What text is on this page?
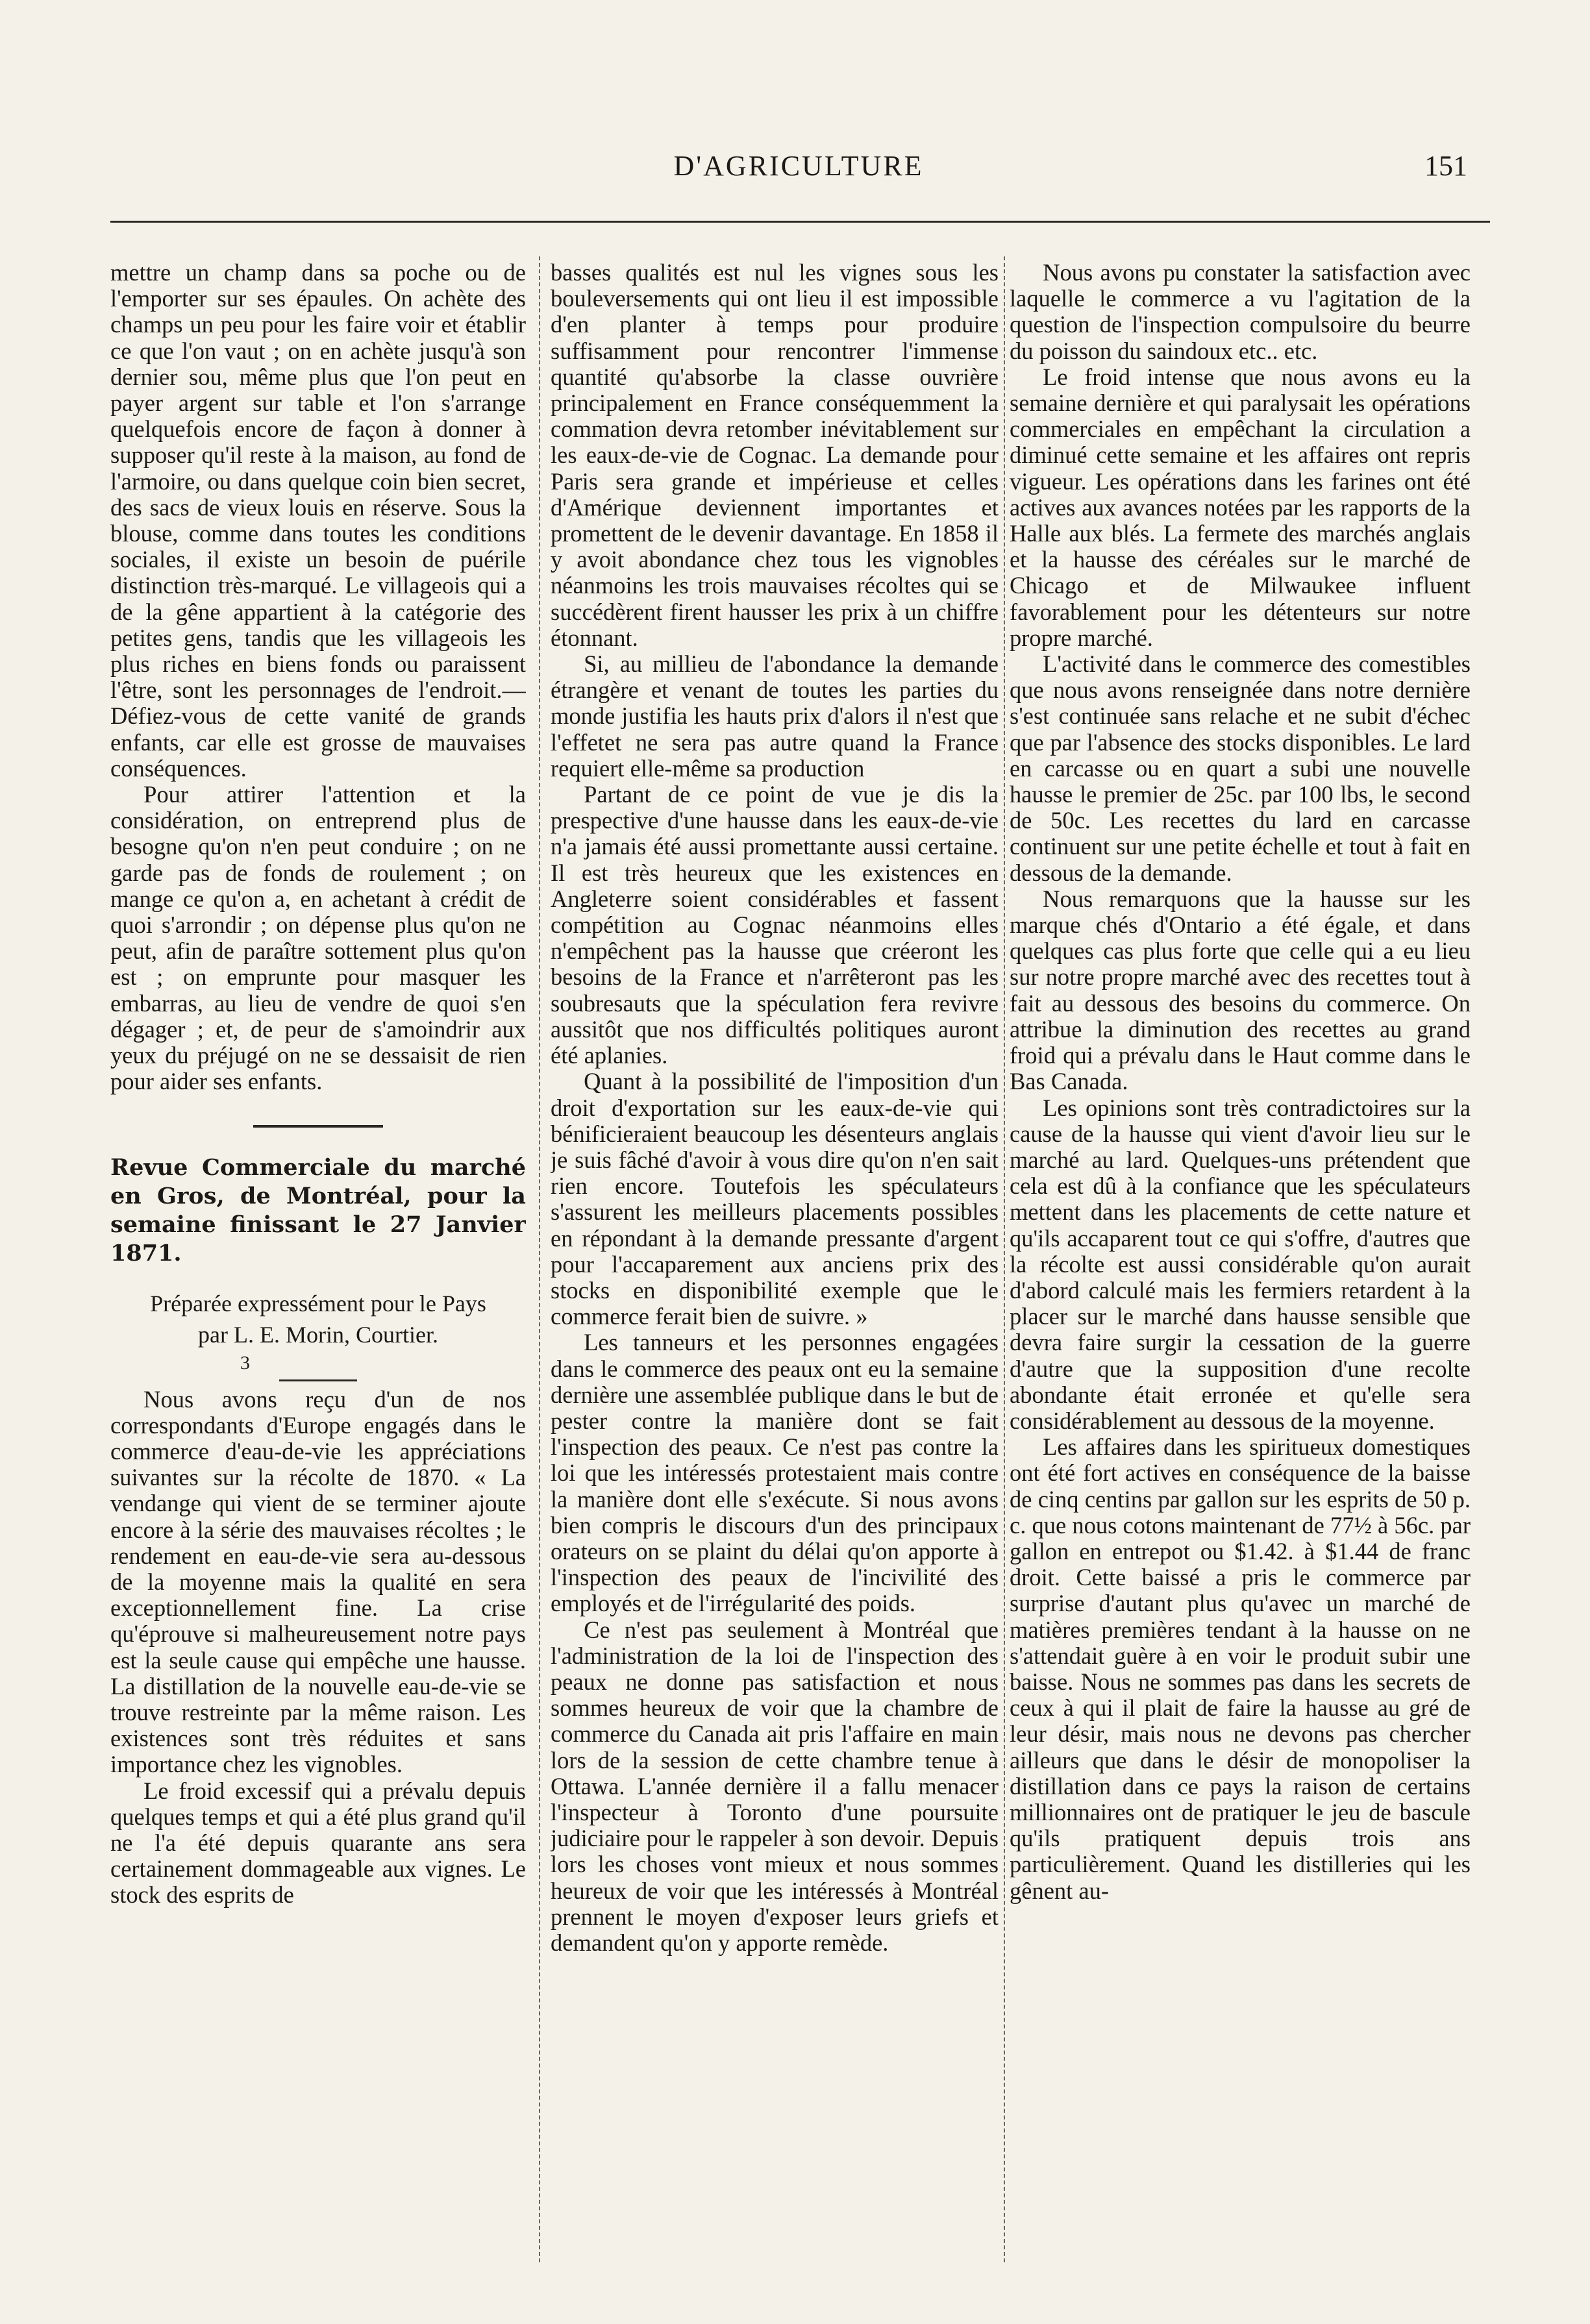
D'AGRICULTURE	151

mettre un champ dans sa poche ou de l'emporter sur ses épaules. On achète des champs un peu pour les faire voir et établir ce que l'on vaut ; on en achète jusqu'à son dernier sou, même plus que l'on peut en payer argent sur table et l'on s'arrange quelquefois encore de façon à donner à supposer qu'il reste à la maison, au fond de l'armoire, ou dans quelque coin bien secret, des sacs de vieux louis en réserve. Sous la blouse, comme dans toutes les conditions sociales, il existe un besoin de puérile distinction très-marqué. Le villageois qui a de la gêne appartient à la catégorie des petites gens, tandis que les villageois les plus riches en biens fonds ou paraissent l'être, sont les personnages de l'endroit.—Défiez-vous de cette vanité de grands enfants, car elle est grosse de mauvaises conséquences.

Pour attirer l'attention et la considération, on entreprend plus de besogne qu'on n'en peut conduire ; on ne garde pas de fonds de roulement ; on mange ce qu'on a, en achetant à crédit de quoi s'arrondir ; on dépense plus qu'on ne peut, afin de paraître sottement plus qu'on est ; on emprunte pour masquer les embarras, au lieu de vendre de quoi s'en dégager ; et, de peur de s'amoindrir aux yeux du préjugé on ne se dessaisit de rien pour aider ses enfants.

Revue Commerciale du marché en Gros, de Montréal, pour la semaine finissant le 27 Janvier 1871.
Préparée expressément pour le Pays
par L. E. Morin, Courtier.
3

Nous avons reçu d'un de nos correspondants d'Europe engagés dans le commerce d'eau-de-vie les appréciations suivantes sur la récolte de 1870. « La vendange qui vient de se terminer ajoute encore à la série des mauvaises récoltes ; le rendement en eau-de-vie sera au-dessous de la moyenne mais la qualité en sera exceptionnellement fine. La crise qu'éprouve si malheureusement notre pays est la seule cause qui empêche une hausse. La distillation de la nouvelle eau-de-vie se trouve restreinte par la même raison. Les existences sont très réduites et sans importance chez les vignobles.

Le froid excessif qui a prévalu depuis quelques temps et qui a été plus grand qu'il ne l'a été depuis quarante ans sera certainement dommageable aux vignes. Le stock des esprits de

basses qualités est nul les vignes sous les bouleversements qui ont lieu il est impossible d'en planter à temps pour produire suffisamment pour rencontrer l'immense quantité qu'absorbe la classe ouvrière principalement en France conséquemment la commation devra retomber inévitablement sur les eaux-de-vie de Cognac. La demande pour Paris sera grande et impérieuse et celles d'Amérique deviennent importantes et promettent de le devenir davantage. En 1858 il y avoit abondance chez tous les vignobles néanmoins les trois mauvaises récoltes qui se succédèrent firent hausser les prix à un chiffre étonnant.

Si, au millieu de l'abondance la demande étrangère et venant de toutes les parties du monde justifia les hauts prix d'alors il n'est que l'effetet ne sera pas autre quand la France requiert elle-même sa production

Partant de ce point de vue je dis la prespective d'une hausse dans les eaux-de-vie n'a jamais été aussi promettante aussi certaine. Il est très heureux que les existences en Angleterre soient considérables et fassent compétition au Cognac néanmoins elles n'empêchent pas la hausse que créeront les besoins de la France et n'arrêteront pas les soubresauts que la spéculation fera revivre aussitôt que nos difficultés politiques auront été aplanies.

Quant à la possibilité de l'imposition d'un droit d'exportation sur les eaux-de-vie qui bénificieraient beaucoup les désenteurs anglais je suis fâché d'avoir à vous dire qu'on n'en sait rien encore. Toutefois les spéculateurs s'assurent les meilleurs placements possibles en répondant à la demande pressante d'argent pour l'accaparement aux anciens prix des stocks en disponibilité exemple que le commerce ferait bien de suivre. »

Les tanneurs et les personnes engagées dans le commerce des peaux ont eu la semaine dernière une assemblée publique dans le but de pester contre la manière dont se fait l'inspection des peaux. Ce n'est pas contre la loi que les intéressés protestaient mais contre la manière dont elle s'exécute. Si nous avons bien compris le discours d'un des principaux orateurs on se plaint du délai qu'on apporte à l'inspection des peaux de l'incivilité des employés et de l'irrégularité des poids.

Ce n'est pas seulement à Montréal que l'administration de la loi de l'inspection des peaux ne donne pas satisfaction et nous sommes heureux de voir que la chambre de commerce du Canada ait pris l'affaire en main lors de la session de cette chambre tenue à Ottawa. L'année dernière il a fallu menacer l'inspecteur à Toronto d'une poursuite judiciaire pour le rappeler à son devoir. Depuis lors les choses vont mieux et nous sommes heureux de voir que les intéressés à Montréal prennent le moyen d'exposer leurs griefs et demandent qu'on y apporte remède.

Nous avons pu constater la satisfaction avec laquelle le commerce a vu l'agitation de la question de l'inspection compulsoire du beurre du poisson du saindoux etc.. etc.

Le froid intense que nous avons eu la semaine dernière et qui paralysait les opérations commerciales en empêchant la circulation a diminué cette semaine et les affaires ont repris vigueur. Les opérations dans les farines ont été actives aux avances notées par les rapports de la Halle aux blés. La fermete des marchés anglais et la hausse des céréales sur le marché de Chicago et de Milwaukee influent favorablement pour les détenteurs sur notre propre marché.

L'activité dans le commerce des comestibles que nous avons renseignée dans notre dernière s'est continuée sans relache et ne subit d'échec que par l'absence des stocks disponibles. Le lard en carcasse ou en quart a subi une nouvelle hausse le premier de 25c. par 100 lbs, le second de 50c. Les recettes du lard en carcasse continuent sur une petite échelle et tout à fait en dessous de la demande.

Nous remarquons que la hausse sur les marque chés d'Ontario a été égale, et dans quelques cas plus forte que celle qui a eu lieu sur notre propre marché avec des recettes tout à fait au dessous des besoins du commerce. On attribue la diminution des recettes au grand froid qui a prévalu dans le Haut comme dans le Bas Canada.

Les opinions sont très contradictoires sur la cause de la hausse qui vient d'avoir lieu sur le marché au lard. Quelques-uns prétendent que cela est dû à la confiance que les spéculateurs mettent dans les placements de cette nature et qu'ils accaparent tout ce qui s'offre, d'autres que la récolte est aussi considérable qu'on aurait d'abord calculé mais les fermiers retardent à la placer sur le marché dans hausse sensible que devra faire surgir la cessation de la guerre d'autre que la supposition d'une recolte abondante était erronée et qu'elle sera considérablement au dessous de la moyenne.

Les affaires dans les spiritueux domestiques ont été fort actives en conséquence de la baisse de cinq centins par gallon sur les esprits de 50 p. c. que nous cotons maintenant de 77½ à 56c. par gallon en entrepot ou $1.42. à $1.44 de franc droit. Cette baissé a pris le commerce par surprise d'autant plus qu'avec un marché de matières premières tendant à la hausse on ne s'attendait guère à en voir le produit subir une baisse. Nous ne sommes pas dans les secrets de ceux à qui il plait de faire la hausse au gré de leur désir, mais nous ne devons pas chercher ailleurs que dans le désir de monopoliser la distillation dans ce pays la raison de certains millionnaires ont de pratiquer le jeu de bascule qu'ils pratiquent depuis trois ans particulièrement. Quand les distilleries qui les gênent au-
